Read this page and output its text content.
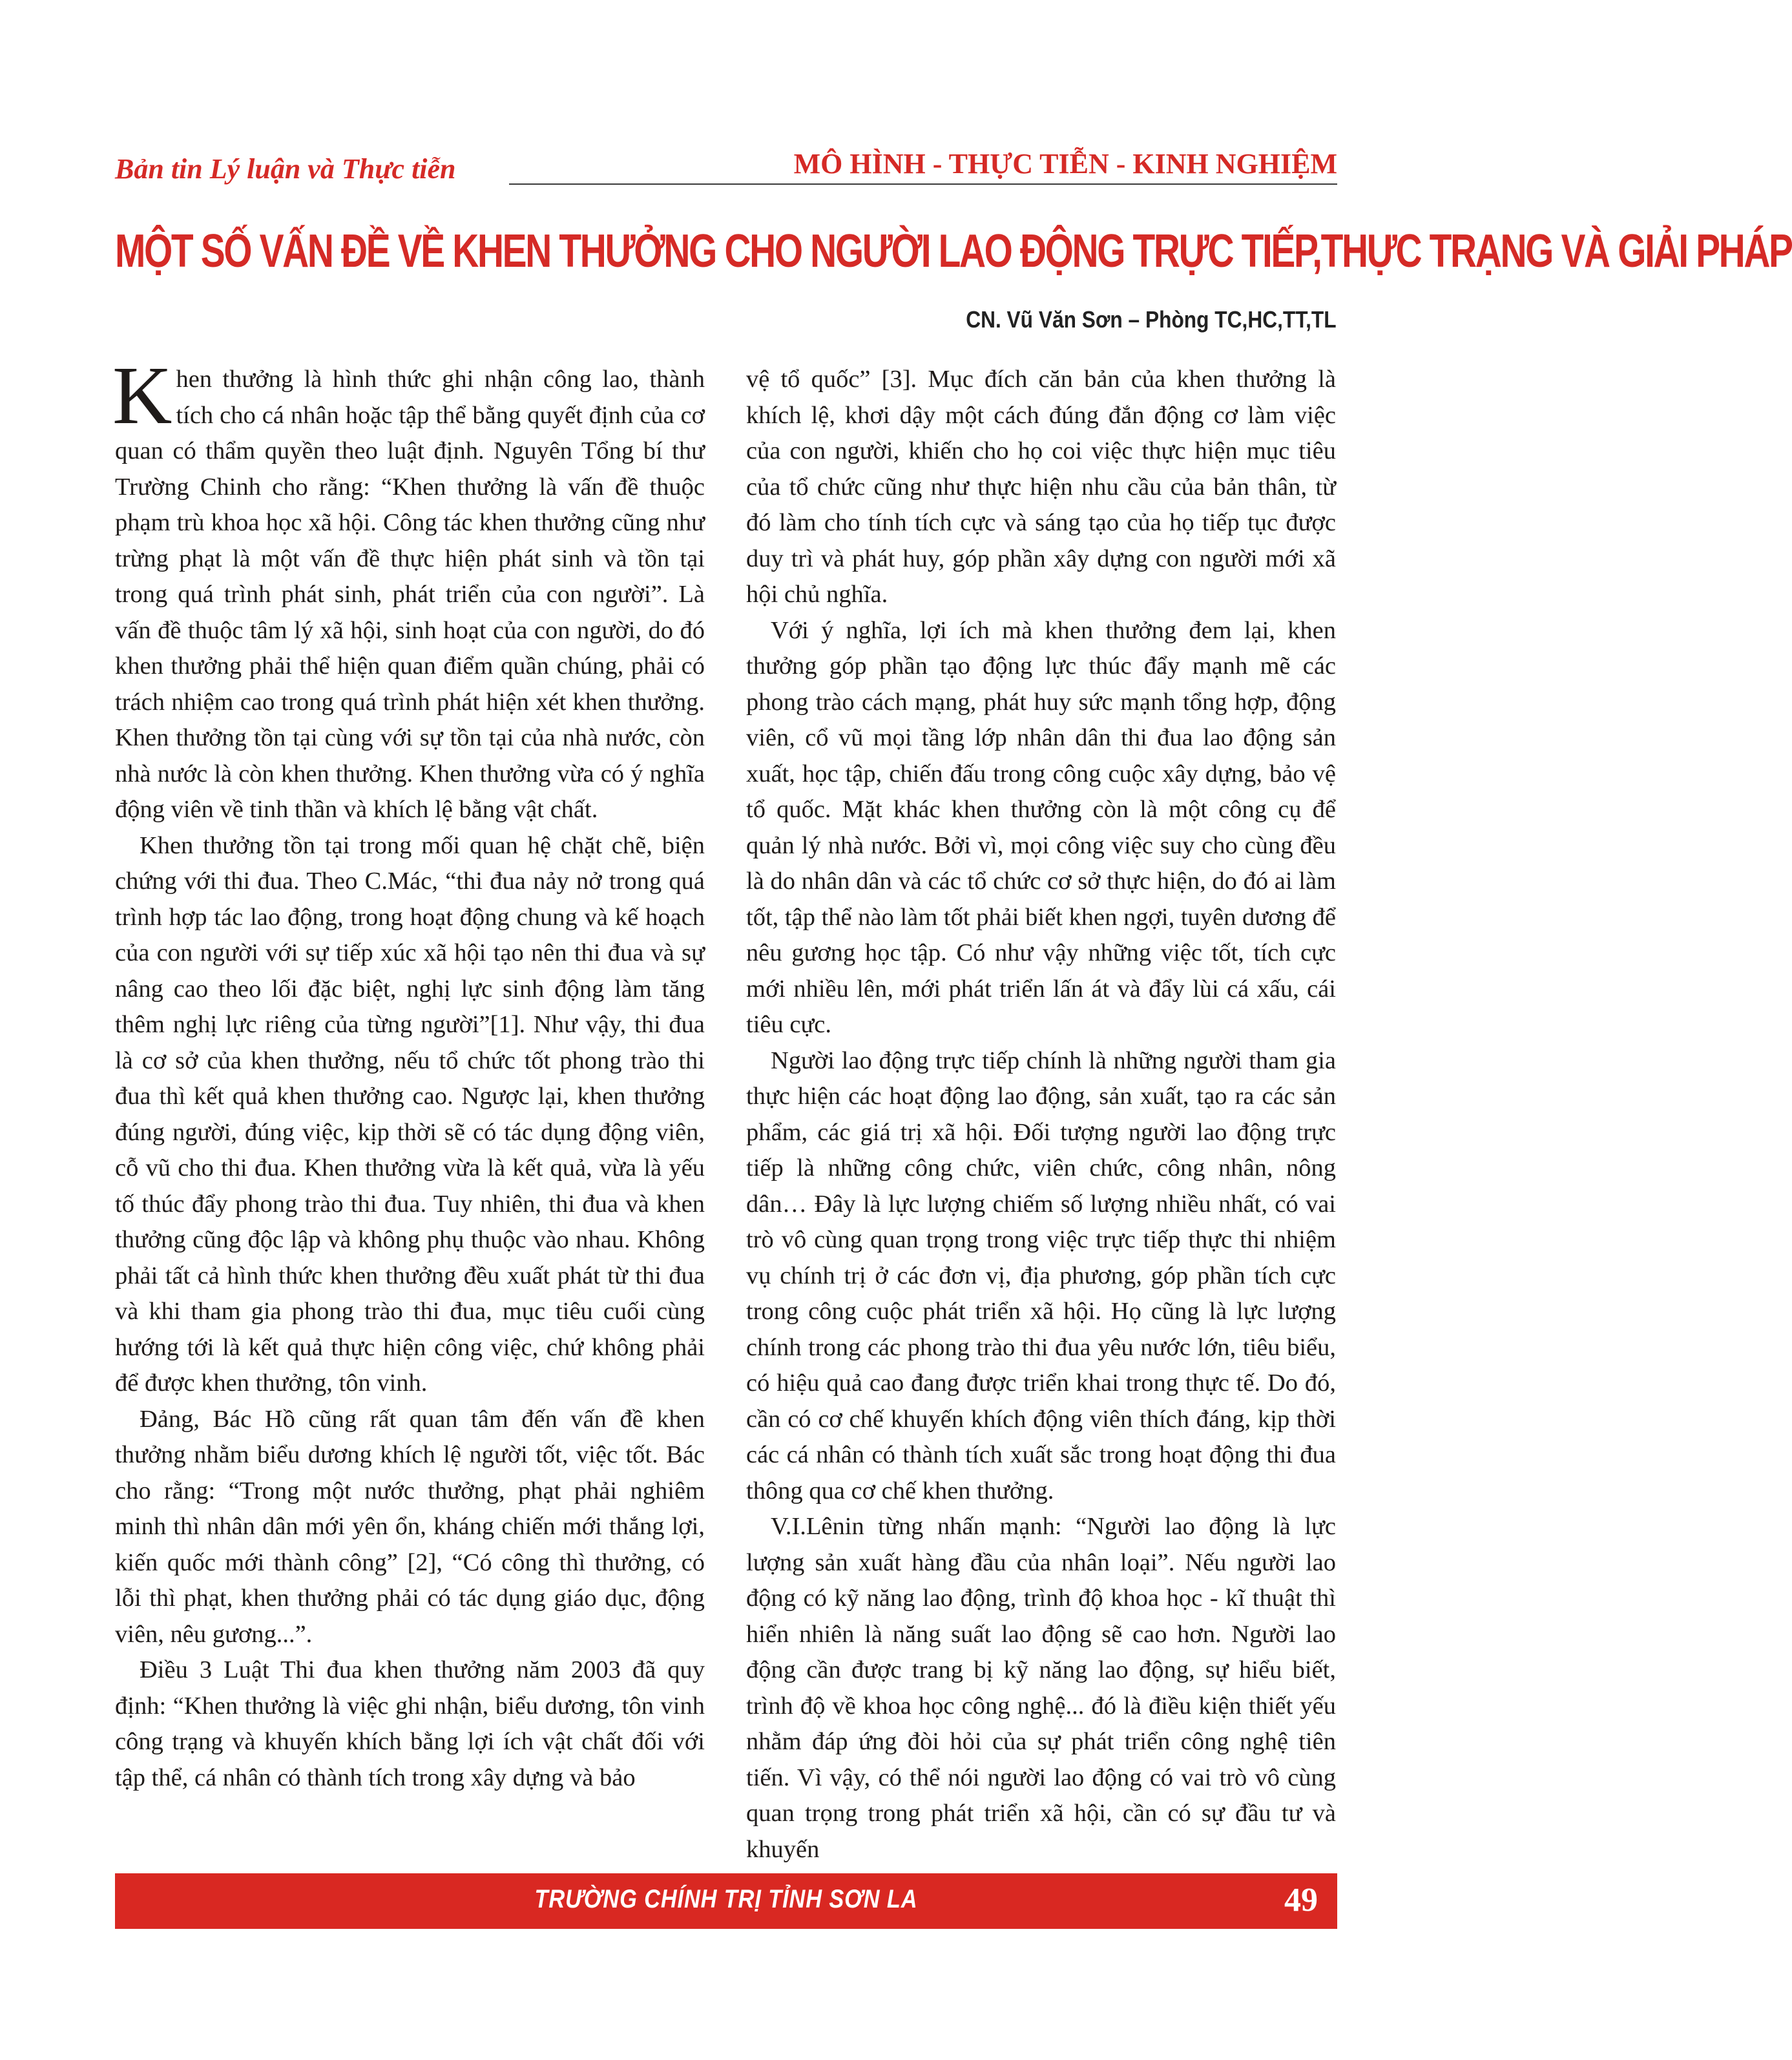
Bản tin Lý luận và Thực tiễn	MÔ HÌNH - THỰC TIỄN - KINH NGHIỆM
MỘT SỐ VẤN ĐỀ VỀ KHEN THƯỞNG CHO NGƯỜI LAO ĐỘNG TRỰC TIẾP,THỰC TRẠNG VÀ GIẢI PHÁP
CN. Vũ Văn Sơn – Phòng TC,HC,TT,TL

Khen thưởng là hình thức ghi nhận công lao, thành tích cho cá nhân hoặc tập thể bằng quyết định của cơ quan có thẩm quyền theo luật định. Nguyên Tổng bí thư Trường Chinh cho rằng: “Khen thưởng là vấn đề thuộc phạm trù khoa học xã hội. Công tác khen thưởng cũng như trừng phạt là một vấn đề thực hiện phát sinh và tồn tại trong quá trình phát sinh, phát triển của con người”. Là vấn đề thuộc tâm lý xã hội, sinh hoạt của con người, do đó khen thưởng phải thể hiện quan điểm quần chúng, phải có trách nhiệm cao trong quá trình phát hiện xét khen thưởng. Khen thưởng tồn tại cùng với sự tồn tại của nhà nước, còn nhà nước là còn khen thưởng. Khen thưởng vừa có ý nghĩa động viên về tinh thần và khích lệ bằng vật chất.

Khen thưởng tồn tại trong mối quan hệ chặt chẽ, biện chứng với thi đua. Theo C.Mác, “thi đua nảy nở trong quá trình hợp tác lao động, trong hoạt động chung và kế hoạch của con người với sự tiếp xúc xã hội tạo nên thi đua và sự nâng cao theo lối đặc biệt, nghị lực sinh động làm tăng thêm nghị lực riêng của từng người”[1]. Như vậy, thi đua là cơ sở của khen thưởng, nếu tổ chức tốt phong trào thi đua thì kết quả khen thưởng cao. Ngược lại, khen thưởng đúng người, đúng việc, kịp thời sẽ có tác dụng động viên, cỗ vũ cho thi đua. Khen thưởng vừa là kết quả, vừa là yếu tố thúc đẩy phong trào thi đua. Tuy nhiên, thi đua và khen thưởng cũng độc lập và không phụ thuộc vào nhau. Không phải tất cả hình thức khen thưởng đều xuất phát từ thi đua và khi tham gia phong trào thi đua, mục tiêu cuối cùng hướng tới là kết quả thực hiện công việc, chứ không phải để được khen thưởng, tôn vinh.

Đảng, Bác Hồ cũng rất quan tâm đến vấn đề khen thưởng nhằm biểu dương khích lệ người tốt, việc tốt. Bác cho rằng: “Trong một nước thưởng, phạt phải nghiêm minh thì nhân dân mới yên ổn, kháng chiến mới thắng lợi, kiến quốc mới thành công” [2], “Có công thì thưởng, có lỗi thì phạt, khen thưởng phải có tác dụng giáo dục, động viên, nêu gương...”.

Điều 3 Luật Thi đua khen thưởng năm 2003 đã quy định: “Khen thưởng là việc ghi nhận, biểu dương, tôn vinh công trạng và khuyến khích bằng lợi ích vật chất đối với tập thể, cá nhân có thành tích trong xây dựng và bảo

vệ tổ quốc” [3]. Mục đích căn bản của khen thưởng là khích lệ, khơi dậy một cách đúng đắn động cơ làm việc của con người, khiến cho họ coi việc thực hiện mục tiêu của tổ chức cũng như thực hiện nhu cầu của bản thân, từ đó làm cho tính tích cực và sáng tạo của họ tiếp tục được duy trì và phát huy, góp phần xây dựng con người mới xã hội chủ nghĩa.

Với ý nghĩa, lợi ích mà khen thưởng đem lại, khen thưởng góp phần tạo động lực thúc đẩy mạnh mẽ các phong trào cách mạng, phát huy sức mạnh tổng hợp, động viên, cổ vũ mọi tầng lớp nhân dân thi đua lao động sản xuất, học tập, chiến đấu trong công cuộc xây dựng, bảo vệ tổ quốc. Mặt khác khen thưởng còn là một công cụ để quản lý nhà nước. Bởi vì, mọi công việc suy cho cùng đều là do nhân dân và các tổ chức cơ sở thực hiện, do đó ai làm tốt, tập thể nào làm tốt phải biết khen ngợi, tuyên dương để nêu gương học tập. Có như vậy những việc tốt, tích cực mới nhiều lên, mới phát triển lấn át và đẩy lùi cá xấu, cái tiêu cực.

Người lao động trực tiếp chính là những người tham gia thực hiện các hoạt động lao động, sản xuất, tạo ra các sản phẩm, các giá trị xã hội. Đối tượng người lao động trực tiếp là những công chức, viên chức, công nhân, nông dân… Đây là lực lượng chiếm số lượng nhiều nhất, có vai trò vô cùng quan trọng trong việc trực tiếp thực thi nhiệm vụ chính trị ở các đơn vị, địa phương, góp phần tích cực trong công cuộc phát triển xã hội. Họ cũng là lực lượng chính trong các phong trào thi đua yêu nước lớn, tiêu biểu, có hiệu quả cao đang được triển khai trong thực tế. Do đó, cần có cơ chế khuyến khích động viên thích đáng, kịp thời các cá nhân có thành tích xuất sắc trong hoạt động thi đua thông qua cơ chế khen thưởng.

V.I.Lênin từng nhấn mạnh: “Người lao động là lực lượng sản xuất hàng đầu của nhân loại”. Nếu người lao động có kỹ năng lao động, trình độ khoa học - kĩ thuật thì hiển nhiên là năng suất lao động sẽ cao hơn. Người lao động cần được trang bị kỹ năng lao động, sự hiểu biết, trình độ về khoa học công nghệ... đó là điều kiện thiết yếu nhằm đáp ứng đòi hỏi của sự phát triển công nghệ tiên tiến. Vì vậy, có thể nói người lao động có vai trò vô cùng quan trọng trong phát triển xã hội, cần có sự đầu tư và khuyến

TRƯỜNG CHÍNH TRỊ TỈNH SƠN LA	49
